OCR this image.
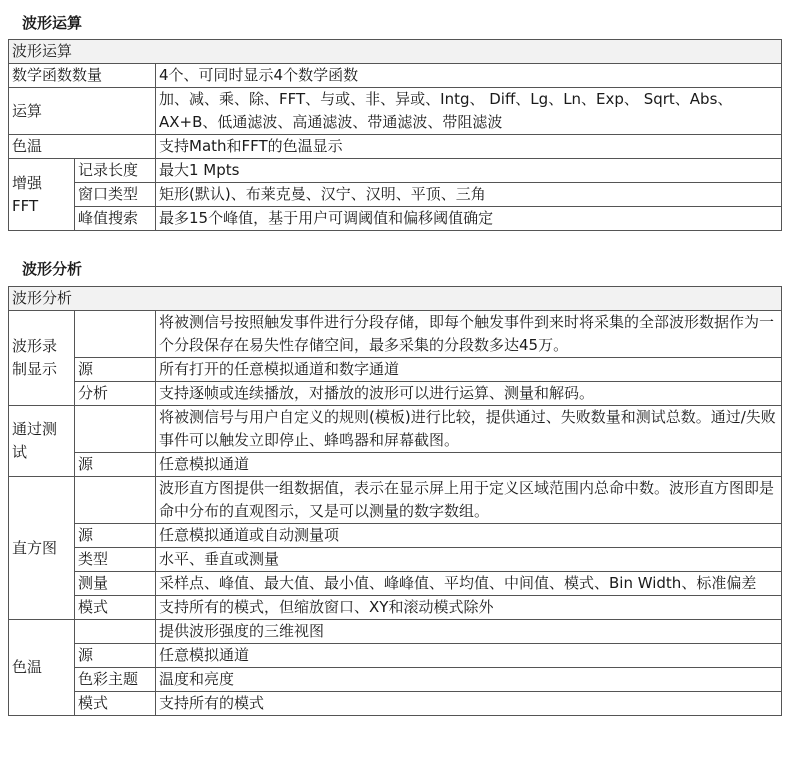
波形运算
波形运算		
数学函数数量		4个、可同时显示4个数学函数
运算		加、减、乘、除、FFT、与或、非、异或、Intg、 Diff、Lg、Ln、Exp、 Sqrt、Abs、 AX+B、低通滤波、高通滤波、带通滤波、带阻滤波
色温		支持Math和FFT的色温显示
增强 FFT	记录长度	最大1 Mpts
	窗口类型	矩形(默认)、布莱克曼、汉宁、汉明、平顶、三角
	峰值搜索	最多15个峰值，基于用户可调阈值和偏移阈值确定
波形分析
波形分析		
波形录制显示		将被测信号按照触发事件进行分段存储，即每个触发事件到来时将采集的全部波形数据作为一个分段保存在易失性存储空间，最多采集的分段数多达45万。
	源	所有打开的任意模拟通道和数字通道
	分析	支持逐帧或连续播放，对播放的波形可以进行运算、测量和解码。
通过测试		将被测信号与用户自定义的规则(模板)进行比较，提供通过、失败数量和测试总数。通过/失败事件可以触发立即停止、蜂鸣器和屏幕截图。
	源	任意模拟通道
直方图		波形直方图提供一组数据值，表示在显示屏上用于定义区域范围内总命中数。波形直方图即是命中分布的直观图示，又是可以测量的数字数组。
	源	任意模拟通道或自动测量项
	类型	水平、垂直或测量
	测量	采样点、峰值、最大值、最小值、峰峰值、平均值、中间值、模式、Bin Width、标准偏差
	模式	支持所有的模式，但缩放窗口、XY和滚动模式除外
色温		提供波形强度的三维视图
	源	任意模拟通道
	色彩主题	温度和亮度
	模式	支持所有的模式
